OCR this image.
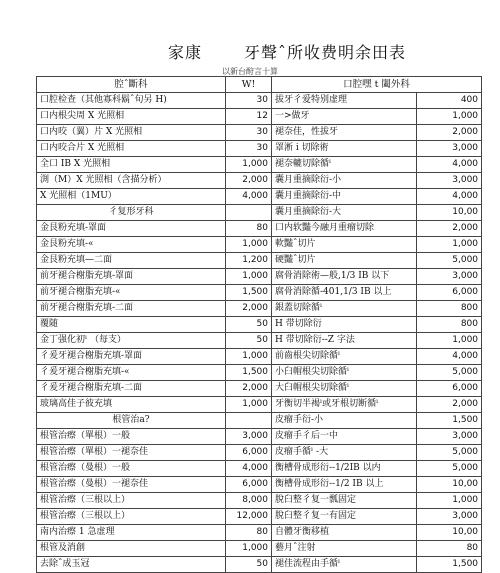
家康	牙聲ˆ所收费明余田表
以新台酧言十算
腔ˆ斷科	W!	口腔嘿 t 闔外科	
口腔检查（其他寡科鬍ˆ旬另 H)	30	拔牙彳爱特别虚理	400
口内根尖周 X 光照相	12	一>做牙	1,000
口内咬（翼）片 X 光照相	30	褪奈佳，性拔牙	2,000
口内咬合片 X 光照相	30	罩淅 i 切除術	3,000
全口 IB X 光照相	1,000	褪奈轆切除循ˡ	4,000
渕（M）X 光照相（含描分析）	2,000	囊月重摘除衍-小	3,000
X 光照相（1MU）	4,000	囊月重摘除衍-中	4,000
彳复形牙科		囊月重摘除衍-大	10,00
金艮粉充填-罩面	80	口内软豔今融月重瘤切除	2,000
金艮粉充填-«	1,000	軟豔ˆ切片	1,000
金艮粉充填—二面	1,200	硬豔ˆ切片	5,000
前牙褪合榭脂充填-罩面	1,000	腐骨消除術—般,1/3 IB 以下	3,000
前牙褪合榭脂充填-«	1,500	腐骨消除循-401,1/3 IB 以上	6,000
前牙褪合榭脂充填-二面	2,000	銀蓋切除循ˡ	800
覆随	50	H 带切除衍	800
金丁强化初ˡ （每支）	50	H 带切除衍--Z 字法	1,000
彳爰牙褪合榭脂充填-罩面	1,000	前齒根尖切除循ˡ	4,000
彳爰牙褪合榭脂充填-«	1,500	小臼帽根尖切除循ˡ	5,000
彳爰牙褪合榭脂充填-二面	2,000	大臼帽根尖切除循ˡ	6,000
玻璃高佳子彼充填	1,000	牙衡切半褐ˡ或牙根切断循ˡ	2,000
根管治a?		皮瘤手衍-小	1,500
根管治瘵（單根）一般	3,000	皮瘤手彳后一中	3,000
根管治瘵（單根）一褪奈佳	6,000	皮瘤手循ˡ -大	5,000
根管治瘵（曼根）一般	4,000	衡槽骨成形衍--1/2IB 以内	5,000
根管治瘵（曼根）一褪奈佳	6,000	衡槽骨成形衍--1/2 IB 以上	10,00
根管治瘵（三根以上）	8,000	脫臼整彳复一瓢固定	1,000
根管治瘵（三根以上）	12,000	脫臼整彳复一有固定	3,000
南内治瘵 1 急虚理	80	自體牙衡移植	10,00
根管及消創	1,000	藝月ˆ注射	80
去除ˆ成玉冠	50	褪佳流程由手循ˡ	1,500
